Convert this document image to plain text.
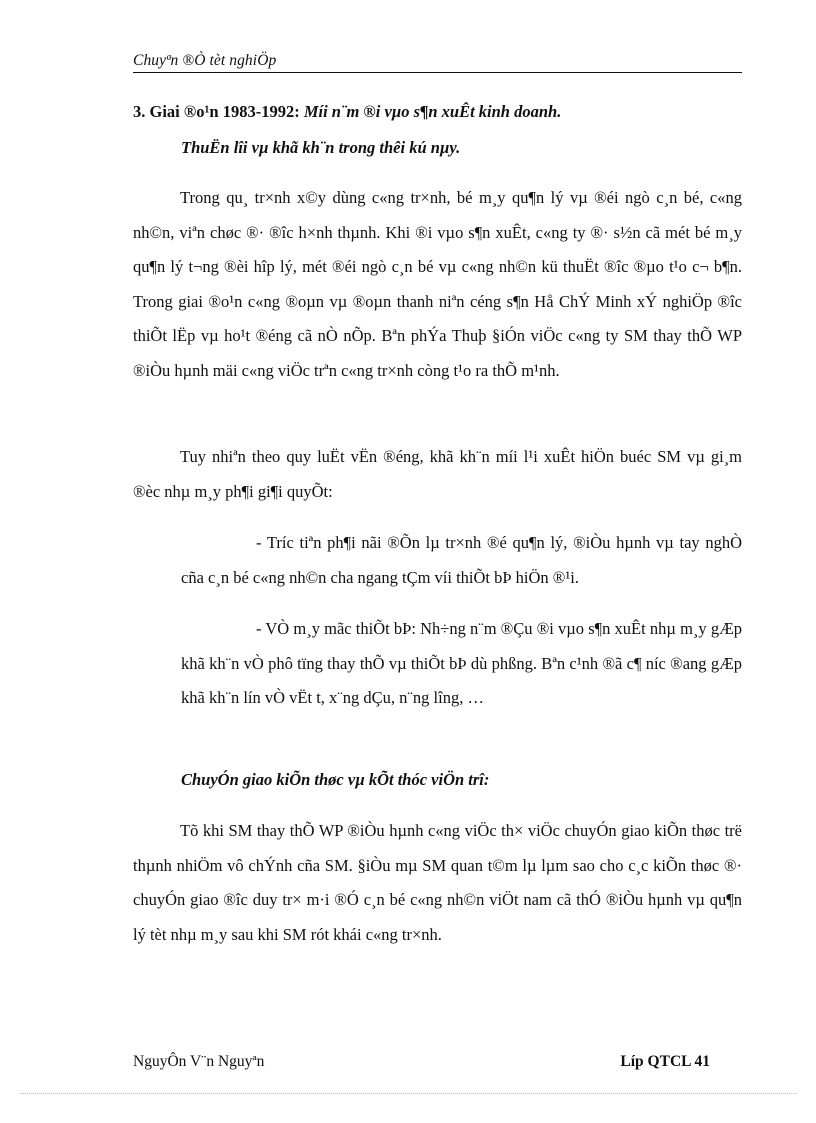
Chuyªn ®Ò tèt nghiÖp
3. Giai ®o¹n 1983-1992: Míi n¨m ®i vµo s¶n xuÊt kinh doanh.
ThuËn lîi vµ khã kh¨n trong thêi kú nµy.
Trong qu¸ tr×nh x©y dùng c«ng tr×nh, bé m¸y qu¶n lý vµ ®éi ngò c¸n bé, c«ng nh©n, viªn chøc ®· ®îc h×nh thµnh. Khi ®i vµo s¶n xuÊt, c«ng ty ®· s½n cã mét bé m¸y qu¶n lý t¬ng ®èi hîp lý, mét ®éi ngò c¸n bé vµ c«ng nh©n kü thuËt ®îc ®µo t¹o c¬ b¶n. Trong giai ®o¹n c«ng ®oµn vµ ®oµn thanh niªn céng s¶n Hå ChÝ Minh xÝ nghiÖp ®îc thiÕt lËp vµ ho¹t ®éng cã nÒ nÕp. Bªn phÝa Thuþ §iÓn viÖc c«ng ty SM thay thÕ WP ®iÒu hµnh mäi c«ng viÖc trªn c«ng tr×nh còng t¹o ra thÕ m¹nh.
Tuy nhiªn theo quy luËt vËn ®éng, khã kh¨n míi l¹i xuÊt hiÖn buéc SM vµ gi¸m ®èc nhµ m¸y ph¶i gi¶i quyÕt:
- Tríc tiªn ph¶i nãi ®Õn lµ tr×nh ®é qu¶n lý, ®iÒu hµnh vµ tay nghÒ cña c¸n bé c«ng nh©n cha ngang tÇm víi thiÕt bÞ hiÖn ®¹i.
- VÒ m¸y mãc thiÕt bÞ: Nh÷ng n¨m ®Çu ®i vµo s¶n xuÊt nhµ m¸y gÆp khã kh¨n vÒ phô tïng thay thÕ vµ thiÕt bÞ dù phßng. Bªn c¹nh ®ã c¶ níc ®ang gÆp khã kh¨n lín vÒ vËt t, x¨ng dÇu, n¨ng lîng, …
ChuyÓn giao kiÕn thøc vµ kÕt thóc viÖn trî:
Tõ khi SM thay thÕ WP ®iÒu hµnh c«ng viÖc th× viÖc chuyÓn giao kiÕn thøc trë thµnh nhiÖm vô chÝnh cña SM. §iÒu mµ SM quan t©m lµ lµm sao cho c¸c kiÕn thøc ®· chuyÓn giao ®îc duy tr× m·i ®Ó c¸n bé c«ng nh©n viÖt nam cã thÓ ®iÒu hµnh vµ qu¶n lý tèt nhµ m¸y sau khi SM rót khái c«ng tr×nh.
NguyÔn V¨n Nguyªn	Líp QTCL 41
